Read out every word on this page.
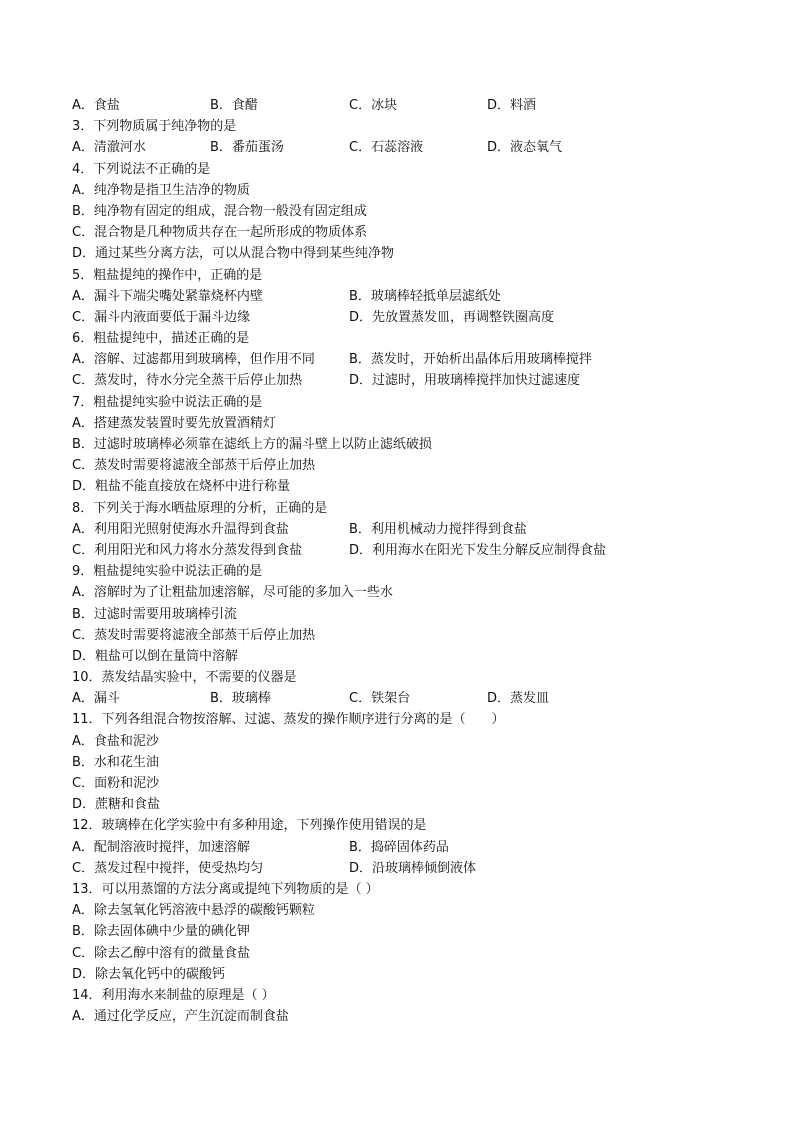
A．食盐	B．食醋	C．冰块	D．料酒
3．下列物质属于纯净物的是
A．清澈河水	B．番茄蛋汤	C．石蕊溶液	D．液态氧气
4．下列说法不正确的是
A．纯净物是指卫生洁净的物质
B．纯净物有固定的组成，混合物一般没有固定组成
C．混合物是几种物质共存在一起所形成的物质体系
D．通过某些分离方法，可以从混合物中得到某些纯净物
5．粗盐提纯的操作中，正确的是
A．漏斗下端尖嘴处紧靠烧杯内壁	B．玻璃棒轻抵单层滤纸处
C．漏斗内液面要低于漏斗边缘	D．先放置蒸发皿，再调整铁圈高度
6．粗盐提纯中，描述正确的是
A．溶解、过滤都用到玻璃棒，但作用不同	B．蒸发时，开始析出晶体后用玻璃棒搅拌
C．蒸发时，待水分完全蒸干后停止加热	D．过滤时，用玻璃棒搅拌加快过滤速度
7．粗盐提纯实验中说法正确的是
A．搭建蒸发装置时要先放置酒精灯
B．过滤时玻璃棒必须靠在滤纸上方的漏斗壁上以防止滤纸破损
C．蒸发时需要将滤液全部蒸干后停止加热
D．粗盐不能直接放在烧杯中进行称量
8．下列关于海水晒盐原理的分析，正确的是
A．利用阳光照射使海水升温得到食盐	B．利用机械动力搅拌得到食盐
C．利用阳光和风力将水分蒸发得到食盐	D．利用海水在阳光下发生分解反应制得食盐
9．粗盐提纯实验中说法正确的是
A．溶解时为了让粗盐加速溶解，尽可能的多加入一些水
B．过滤时需要用玻璃棒引流
C．蒸发时需要将滤液全部蒸干后停止加热
D．粗盐可以倒在量筒中溶解
10．蒸发结晶实验中，不需要的仪器是
A．漏斗	B．玻璃棒	C．铁架台	D．蒸发皿
11．下列各组混合物按溶解、过滤、蒸发的操作顺序进行分离的是（　　）
A．食盐和泥沙
B．水和花生油
C．面粉和泥沙
D．蔗糖和食盐
12．玻璃棒在化学实验中有多种用途，下列操作使用错误的是
A．配制溶液时搅拌，加速溶解	B．捣碎固体药品
C．蒸发过程中搅拌，使受热均匀	D．沿玻璃棒倾倒液体
13．可以用蒸馏的方法分离或提纯下列物质的是（ ）
A．除去氢氧化钙溶液中悬浮的碳酸钙颗粒
B．除去固体碘中少量的碘化钾
C．除去乙醇中溶有的微量食盐
D．除去氧化钙中的碳酸钙
14．利用海水来制盐的原理是（ ）
A．通过化学反应，产生沉淀而制食盐
